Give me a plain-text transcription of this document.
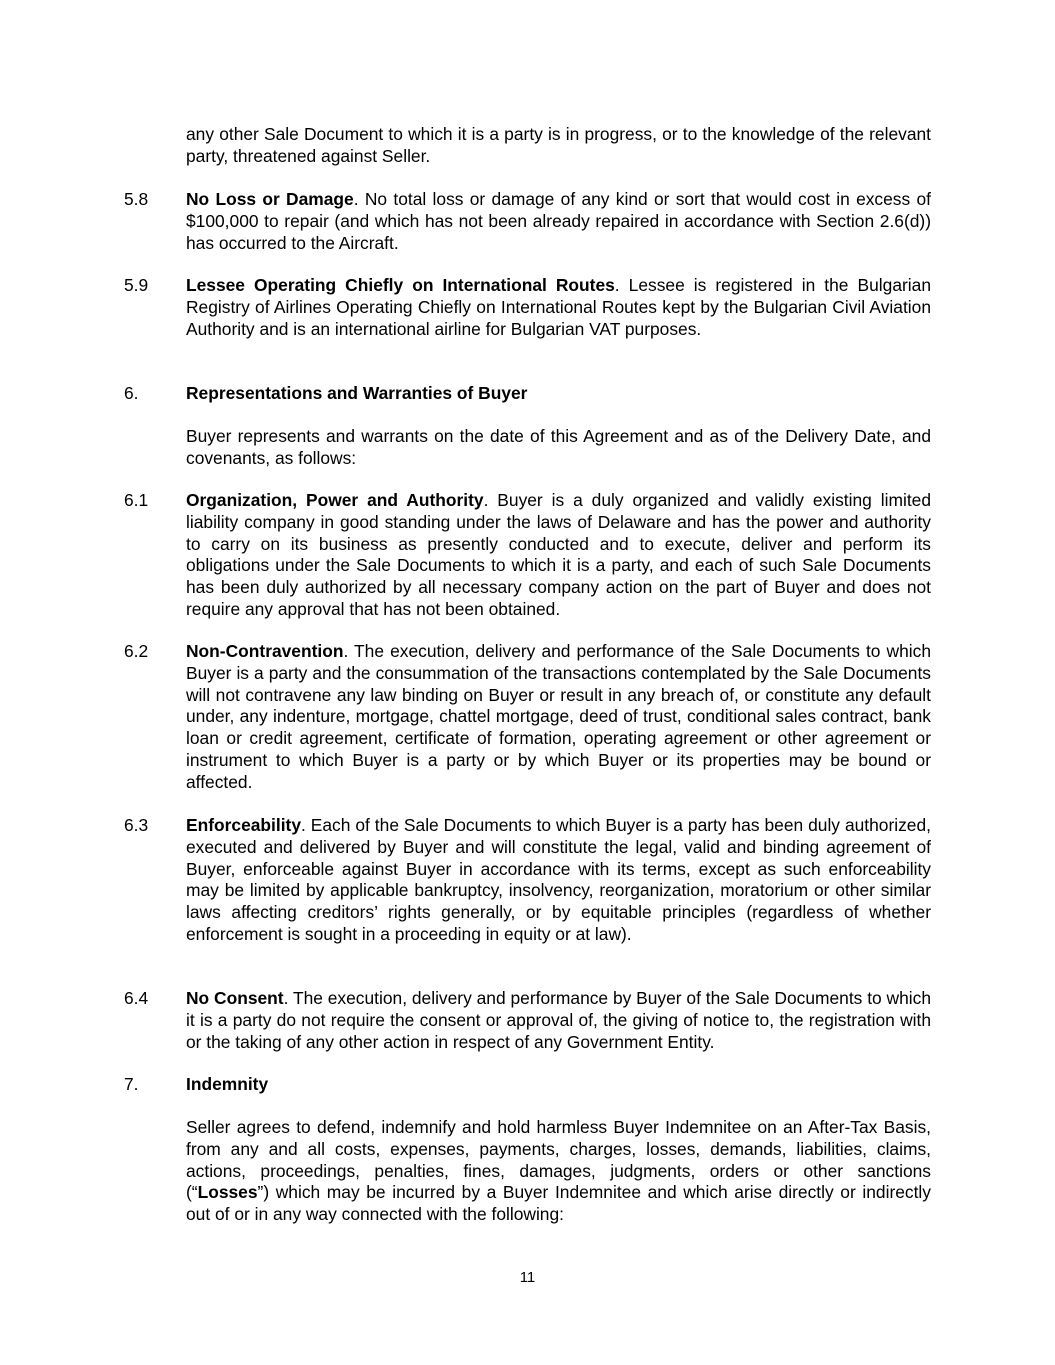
any other Sale Document to which it is a party is in progress, or to the knowledge of the relevant party, threatened against Seller.
5.8	No Loss or Damage. No total loss or damage of any kind or sort that would cost in excess of $100,000 to repair (and which has not been already repaired in accordance with Section 2.6(d)) has occurred to the Aircraft.
5.9	Lessee Operating Chiefly on International Routes. Lessee is registered in the Bulgarian Registry of Airlines Operating Chiefly on International Routes kept by the Bulgarian Civil Aviation Authority and is an international airline for Bulgarian VAT purposes.
6.	Representations and Warranties of Buyer
Buyer represents and warrants on the date of this Agreement and as of the Delivery Date, and covenants, as follows:
6.1	Organization, Power and Authority. Buyer is a duly organized and validly existing limited liability company in good standing under the laws of Delaware and has the power and authority to carry on its business as presently conducted and to execute, deliver and perform its obligations under the Sale Documents to which it is a party, and each of such Sale Documents has been duly authorized by all necessary company action on the part of Buyer and does not require any approval that has not been obtained.
6.2	Non-Contravention. The execution, delivery and performance of the Sale Documents to which Buyer is a party and the consummation of the transactions contemplated by the Sale Documents will not contravene any law binding on Buyer or result in any breach of, or constitute any default under, any indenture, mortgage, chattel mortgage, deed of trust, conditional sales contract, bank loan or credit agreement, certificate of formation, operating agreement or other agreement or instrument to which Buyer is a party or by which Buyer or its properties may be bound or affected.
6.3	Enforceability. Each of the Sale Documents to which Buyer is a party has been duly authorized, executed and delivered by Buyer and will constitute the legal, valid and binding agreement of Buyer, enforceable against Buyer in accordance with its terms, except as such enforceability may be limited by applicable bankruptcy, insolvency, reorganization, moratorium or other similar laws affecting creditors’ rights generally, or by equitable principles (regardless of whether enforcement is sought in a proceeding in equity or at law).
6.4	No Consent. The execution, delivery and performance by Buyer of the Sale Documents to which it is a party do not require the consent or approval of, the giving of notice to, the registration with or the taking of any other action in respect of any Government Entity.
7.	Indemnity
Seller agrees to defend, indemnify and hold harmless Buyer Indemnitee on an After-Tax Basis, from any and all costs, expenses, payments, charges, losses, demands, liabilities, claims, actions, proceedings, penalties, fines, damages, judgments, orders or other sanctions (“Losses”) which may be incurred by a Buyer Indemnitee and which arise directly or indirectly out of or in any way connected with the following:
11
